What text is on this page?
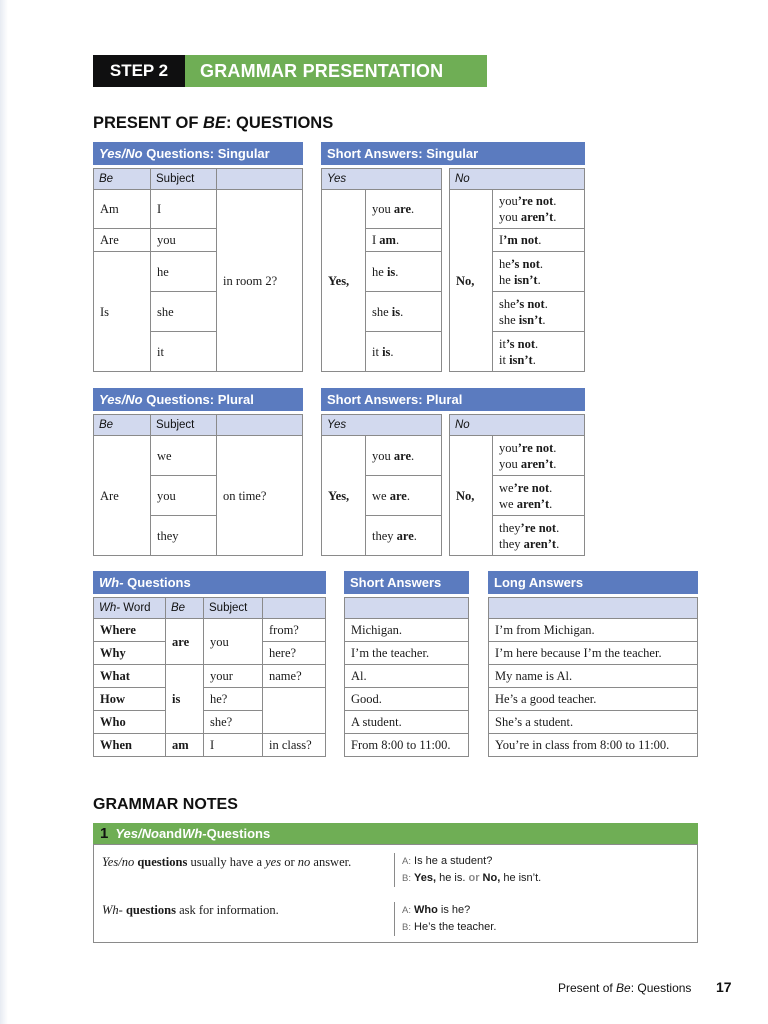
STEP 2	GRAMMAR PRESENTATION
PRESENT OF BE: QUESTIONS
Yes/No Questions: Singular		

Be	Subject	
Am	I	in room 2?
Are	you	
Is	he	
	she	
	it	
Short Answers: Singular				

Yes			No	
Yes,	you are.		No,	you’re not.
you aren’t.
	I am.			I’m not.
	he is.			he’s not.
he isn’t.
	she is.			she’s not.
she isn’t.
	it is.			it’s not.
it isn’t.
Yes/No Questions: Plural		

Be	Subject	
Are	we	on time?
	you	
	they	
Short Answers: Plural				

Yes			No	
Yes,	you are.		No,	you’re not.
you aren’t.
	we are.			we’re not.
we aren’t.
	they are.			they’re not.
they aren’t.
Wh- Questions			

Wh- Word	Be	Subject	
Where	are	you	from?
Why			here?
What	is	your	name?
How		he?	
Who		she?	
When	am	I	in class?
Short Answers

Michigan.
I’m the teacher.
Al.
Good.
A student.
From 8:00 to 11:00.
Long Answers

I’m from Michigan.
I’m here because I’m the teacher.
My name is Al.
He’s a good teacher.
She’s a student.
You’re in class from 8:00 to 11:00.
GRAMMAR NOTES
1 Yes/No and Wh- Questions
Yes/no questions usually have a yes or no answer.	A: Is he a student?
B: Yes, he is. or No, he isn’t.
Wh- questions ask for information.	A: Who is he?
B: He’s the teacher.
Present of Be: Questions 17
